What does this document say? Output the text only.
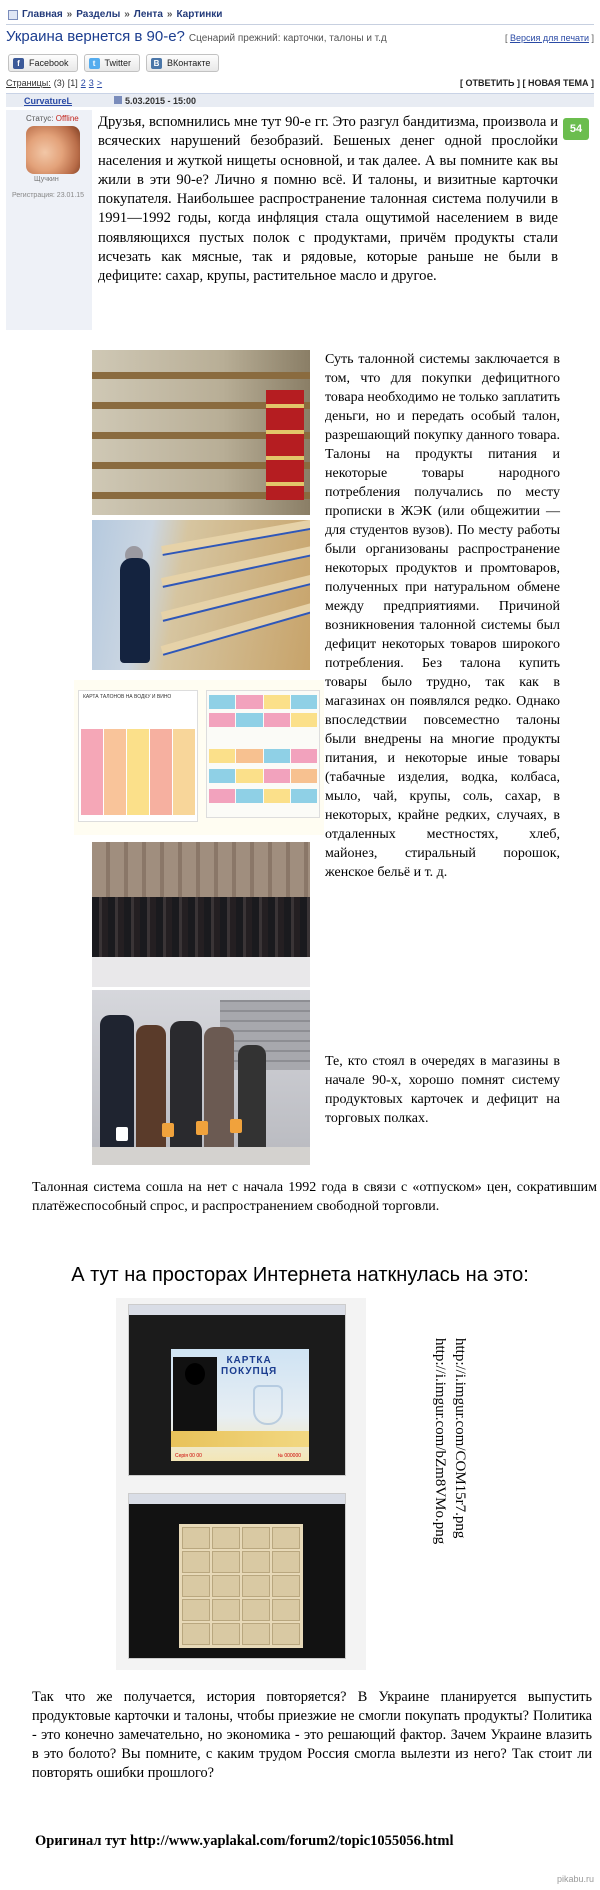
Главная » Разделы » Лента » Картинки
Украина вернется в 90-е? Сценарий прежний: карточки, талоны и т.д	[ Версия для печати ]
f	Facebook	t	Twitter	В ВКонтакте
Страницы: (3) [1] 2 3 >	[ ОТВЕТИТЬ ] [ НОВАЯ ТЕМА ]
CurvatureL	5.03.2015 - 15:00
Статус: Offline
Щучкин
Регистрация: 23.01.15
54
Друзья, вспомнились мне тут 90-е гг. Это разгул бандитизма, произвола и всяческих нарушений безобразий. Бешеных денег одной прослойки населения и жуткой нищеты основной, и так далее. А вы помните как вы жили в эти 90-е? Лично я помню всё. И талоны, и визитные карточки покупателя. Наибольшее распространение талонная система получили в 1991—1992 годы, когда инфляция стала ощутимой населением в виде появляющихся пустых полок с продуктами, причём продукты стали исчезать как мясные, так и рядовые, которые раньше не были в дефиците: сахар, крупы, растительное масло и другое.
Суть талонной системы заключается в том, что для покупки дефицитного товара необходимо не только заплатить деньги, но и передать особый талон, разрешающий покупку данного товара. Талоны на продукты питания и некоторые товары народного потребления получались по месту прописки в ЖЭК (или общежитии — для студентов вузов). По месту работы были организованы распространение некоторых продуктов и промтоваров, полученных при натуральном обмене между предприятиями. Причиной возникновения талонной системы был дефицит некоторых товаров широкого потребления. Без талона купить товары было трудно, так как в магазинах он появлялся редко. Однако впоследствии повсеместно талоны были внедрены на многие продукты питания, и некоторые иные товары (табачные изделия, водка, колбаса, мыло, чай, крупы, соль, сахар, в некоторых, крайне редких, случаях, в отдаленных местностях, хлеб, майонез, стиральный порошок, женское бельё и т. д.
Те, кто стоял в очередях в магазины в начале 90-х, хорошо помнят систему продуктовых карточек и дефицит на торговых полках.
КАРТА ТАЛОНОВ НА ВОДКУ И ВИНО
Талонная система сошла на нет с начала 1992 года в связи с «отпуском» цен, сократившим платёжеспособный спрос, и распространением свободной торговли.
А тут на просторах Интернета наткнулась на это:
КАРТКА
ПОКУПЦЯ
Серія 00 00	№ 000000	http://i.imgur.com/COM15r7.png
http://i.imgur.com/bZm8VMo.png
Так что же получается, история повторяется? В Украине планируется выпустить продуктовые карточки и талоны, чтобы приезжие не смогли покупать продукты? Политика - это конечно замечательно, но экономика - это решающий фактор. Зачем Украине влазить в это болото? Вы помните, с каким трудом Россия смогла вылезти из него? Так стоит ли повторять ошибки прошлого?
Оригинал тут http://www.yaplakal.com/forum2/topic1055056.html
pikabu.ru
